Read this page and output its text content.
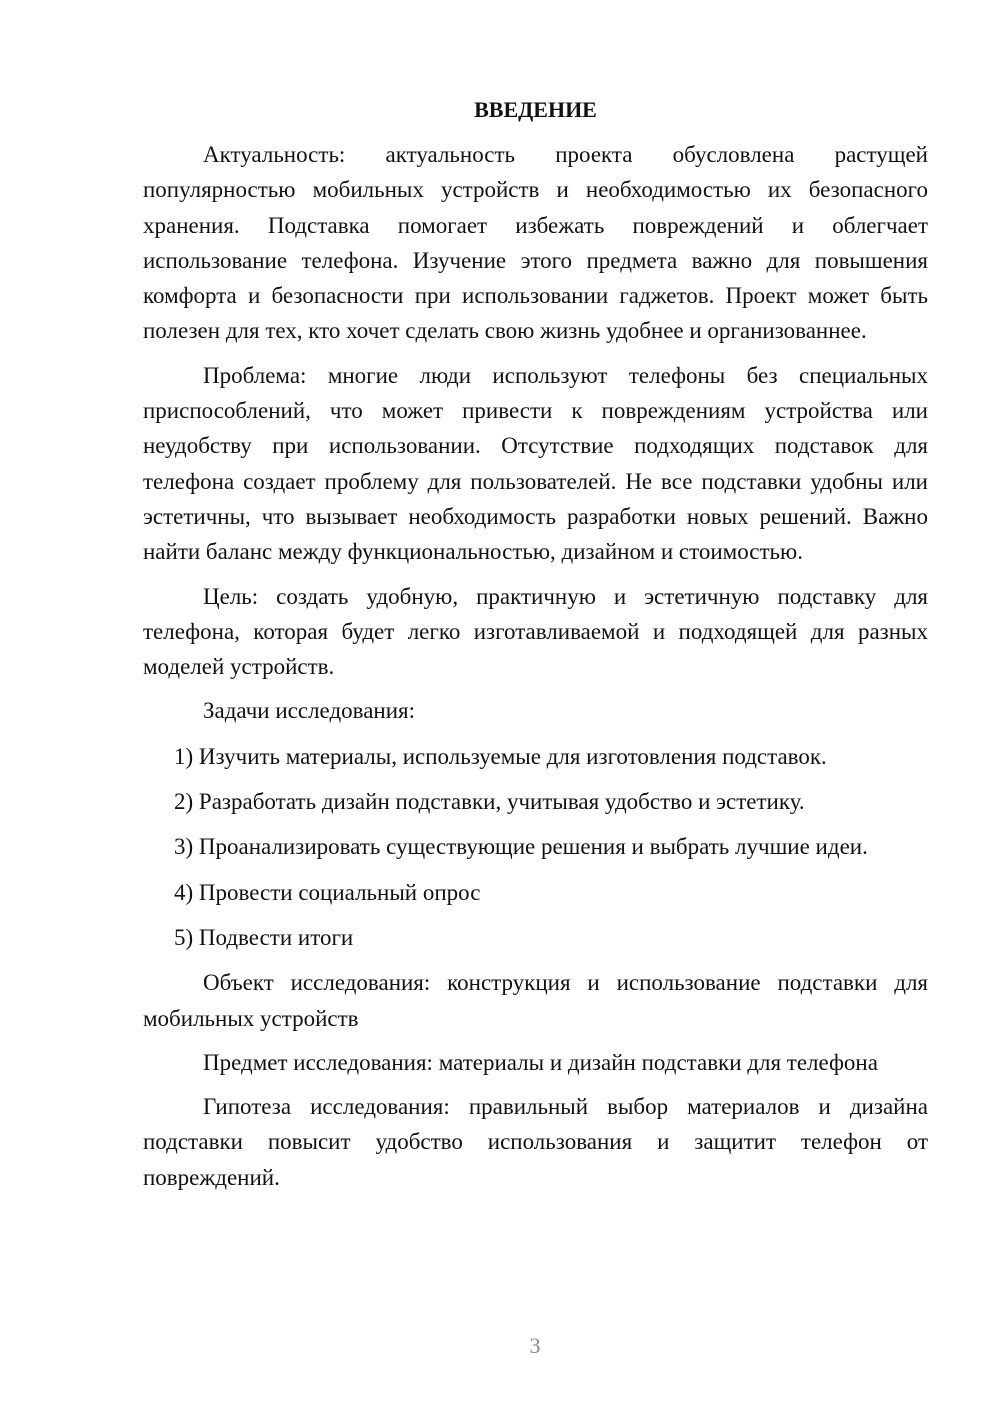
ВВЕДЕНИЕ

Актуальность: актуальность проекта обусловлена растущей популярностью мобильных устройств и необходимостью их безопасного хранения. Подставка помогает избежать повреждений и облегчает использование телефона. Изучение этого предмета важно для повышения комфорта и безопасности при использовании гаджетов. Проект может быть полезен для тех, кто хочет сделать свою жизнь удобнее и организованнее.

Проблема: многие люди используют телефоны без специальных приспособлений, что может привести к повреждениям устройства или неудобству при использовании. Отсутствие подходящих подставок для телефона создает проблему для пользователей. Не все подставки удобны или эстетичны, что вызывает необходимость разработки новых решений. Важно найти баланс между функциональностью, дизайном и стоимостью.

Цель: создать удобную, практичную и эстетичную подставку для телефона, которая будет легко изготавливаемой и подходящей для разных моделей устройств.

Задачи исследования:

1) Изучить материалы, используемые для изготовления подставок.
2) Разработать дизайн подставки, учитывая удобство и эстетику.
3) Проанализировать существующие решения и выбрать лучшие идеи.
4) Провести социальный опрос
5) Подвести итоги

Объект исследования: конструкция и использование подставки для мобильных устройств

Предмет исследования: материалы и дизайн подставки для телефона

Гипотеза исследования: правильный выбор материалов и дизайна подставки повысит удобство использования и защитит телефон от повреждений.

3
